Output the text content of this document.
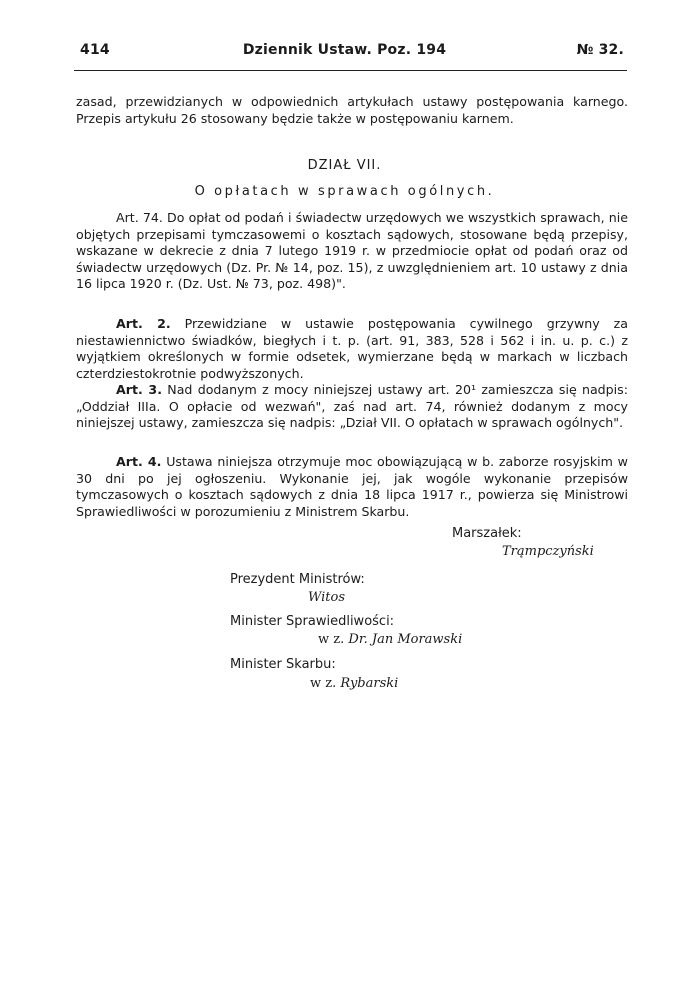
Dziennik Ustaw. Poz. 194
414	№ 32.
zasad, przewidzianych w odpowiednich artykułach ustawy postępowania karnego. Przepis artykułu 26 stosowany będzie także w postępowaniu karnem.
DZIAŁ VII.
O opłatach w sprawach ogólnych.
Art. 74. Do opłat od podań i świadectw urzędowych we wszystkich sprawach, nie objętych przepisami tymczasowemi o kosztach sądowych, stosowane będą przepisy, wskazane w dekrecie z dnia 7 lutego 1919 r. w przedmiocie opłat od podań oraz od świadectw urzędowych (Dz. Pr. № 14, poz. 15), z uwzględnieniem art. 10 ustawy z dnia 16 lipca 1920 r. (Dz. Ust. № 73, poz. 498)".
Art. 2. Przewidziane w ustawie postępowania cywilnego grzywny za niestawiennictwo świadków, biegłych i t. p. (art. 91, 383, 528 i 562 i in. u. p. c.) z wyjątkiem określonych w formie odsetek, wymierzane będą w markach w liczbach czterdziestokrotnie podwyższonych.
Art. 3. Nad dodanym z mocy niniejszej ustawy art. 20¹ zamieszcza się nadpis: „Oddział IIIa. O opłacie od wezwań", zaś nad art. 74, również dodanym z mocy niniejszej ustawy, zamieszcza się nadpis: „Dział VII. O opłatach w sprawach ogólnych".
Art. 4. Ustawa niniejsza otrzymuje moc obowiązującą w b. zaborze rosyjskim w 30 dni po jej ogłoszeniu. Wykonanie jej, jak wogóle wykonanie przepisów tymczasowych o kosztach sądowych z dnia 18 lipca 1917 r., powierza się Ministrowi Sprawiedliwości w porozumieniu z Ministrem Skarbu.
Marszałek:
Trąmpczyński
Prezydent Ministrów:
Witos
Minister Sprawiedliwości:
w z. Dr. Jan Morawski
Minister Skarbu:
w z. Rybarski
